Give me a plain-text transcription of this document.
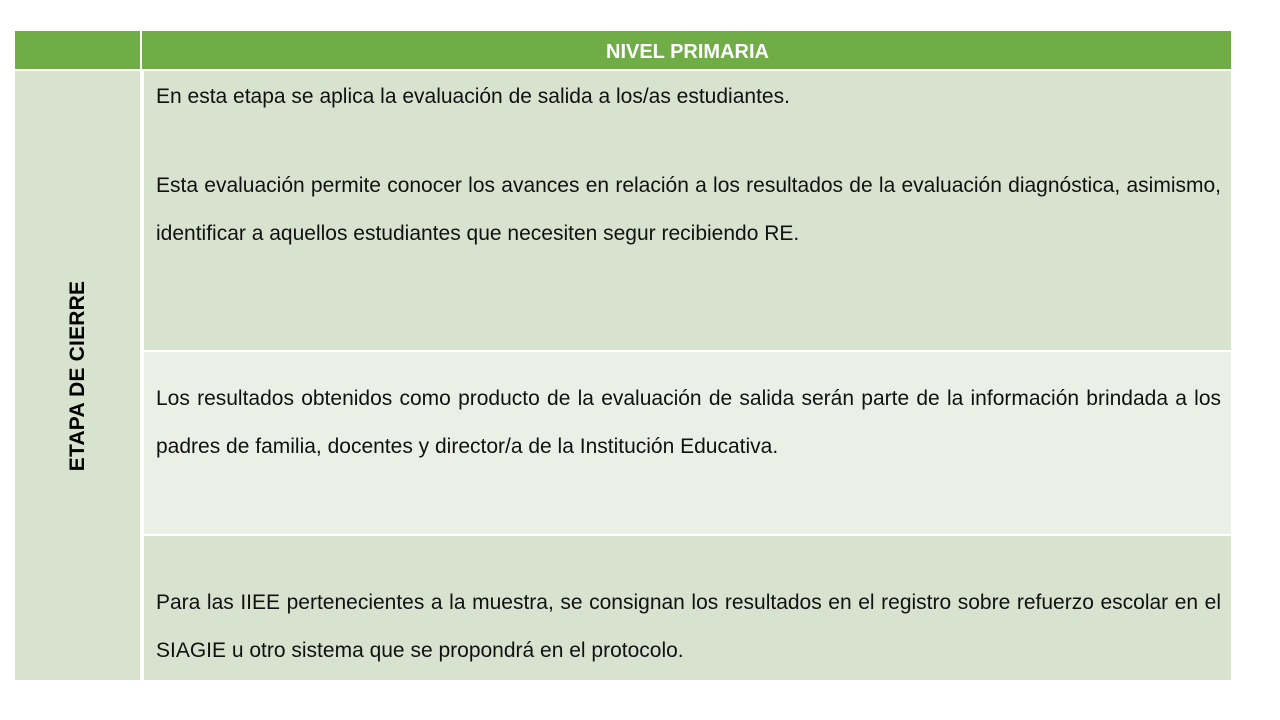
NIVEL PRIMARIA
ETAPA DE CIERRE

En esta etapa se aplica la evaluación de salida a los/as estudiantes.

Esta evaluación permite conocer los avances en relación a los resultados de la evaluación diagnóstica, asimismo, identificar a aquellos estudiantes que necesiten segur recibiendo RE.

Los resultados obtenidos como producto de la evaluación de salida serán parte de la información brindada a los padres de familia, docentes y director/a de la Institución Educativa.

Para las IIEE pertenecientes a la muestra, se consignan los resultados en el registro sobre refuerzo escolar en el SIAGIE u otro sistema que se propondrá en el protocolo.
